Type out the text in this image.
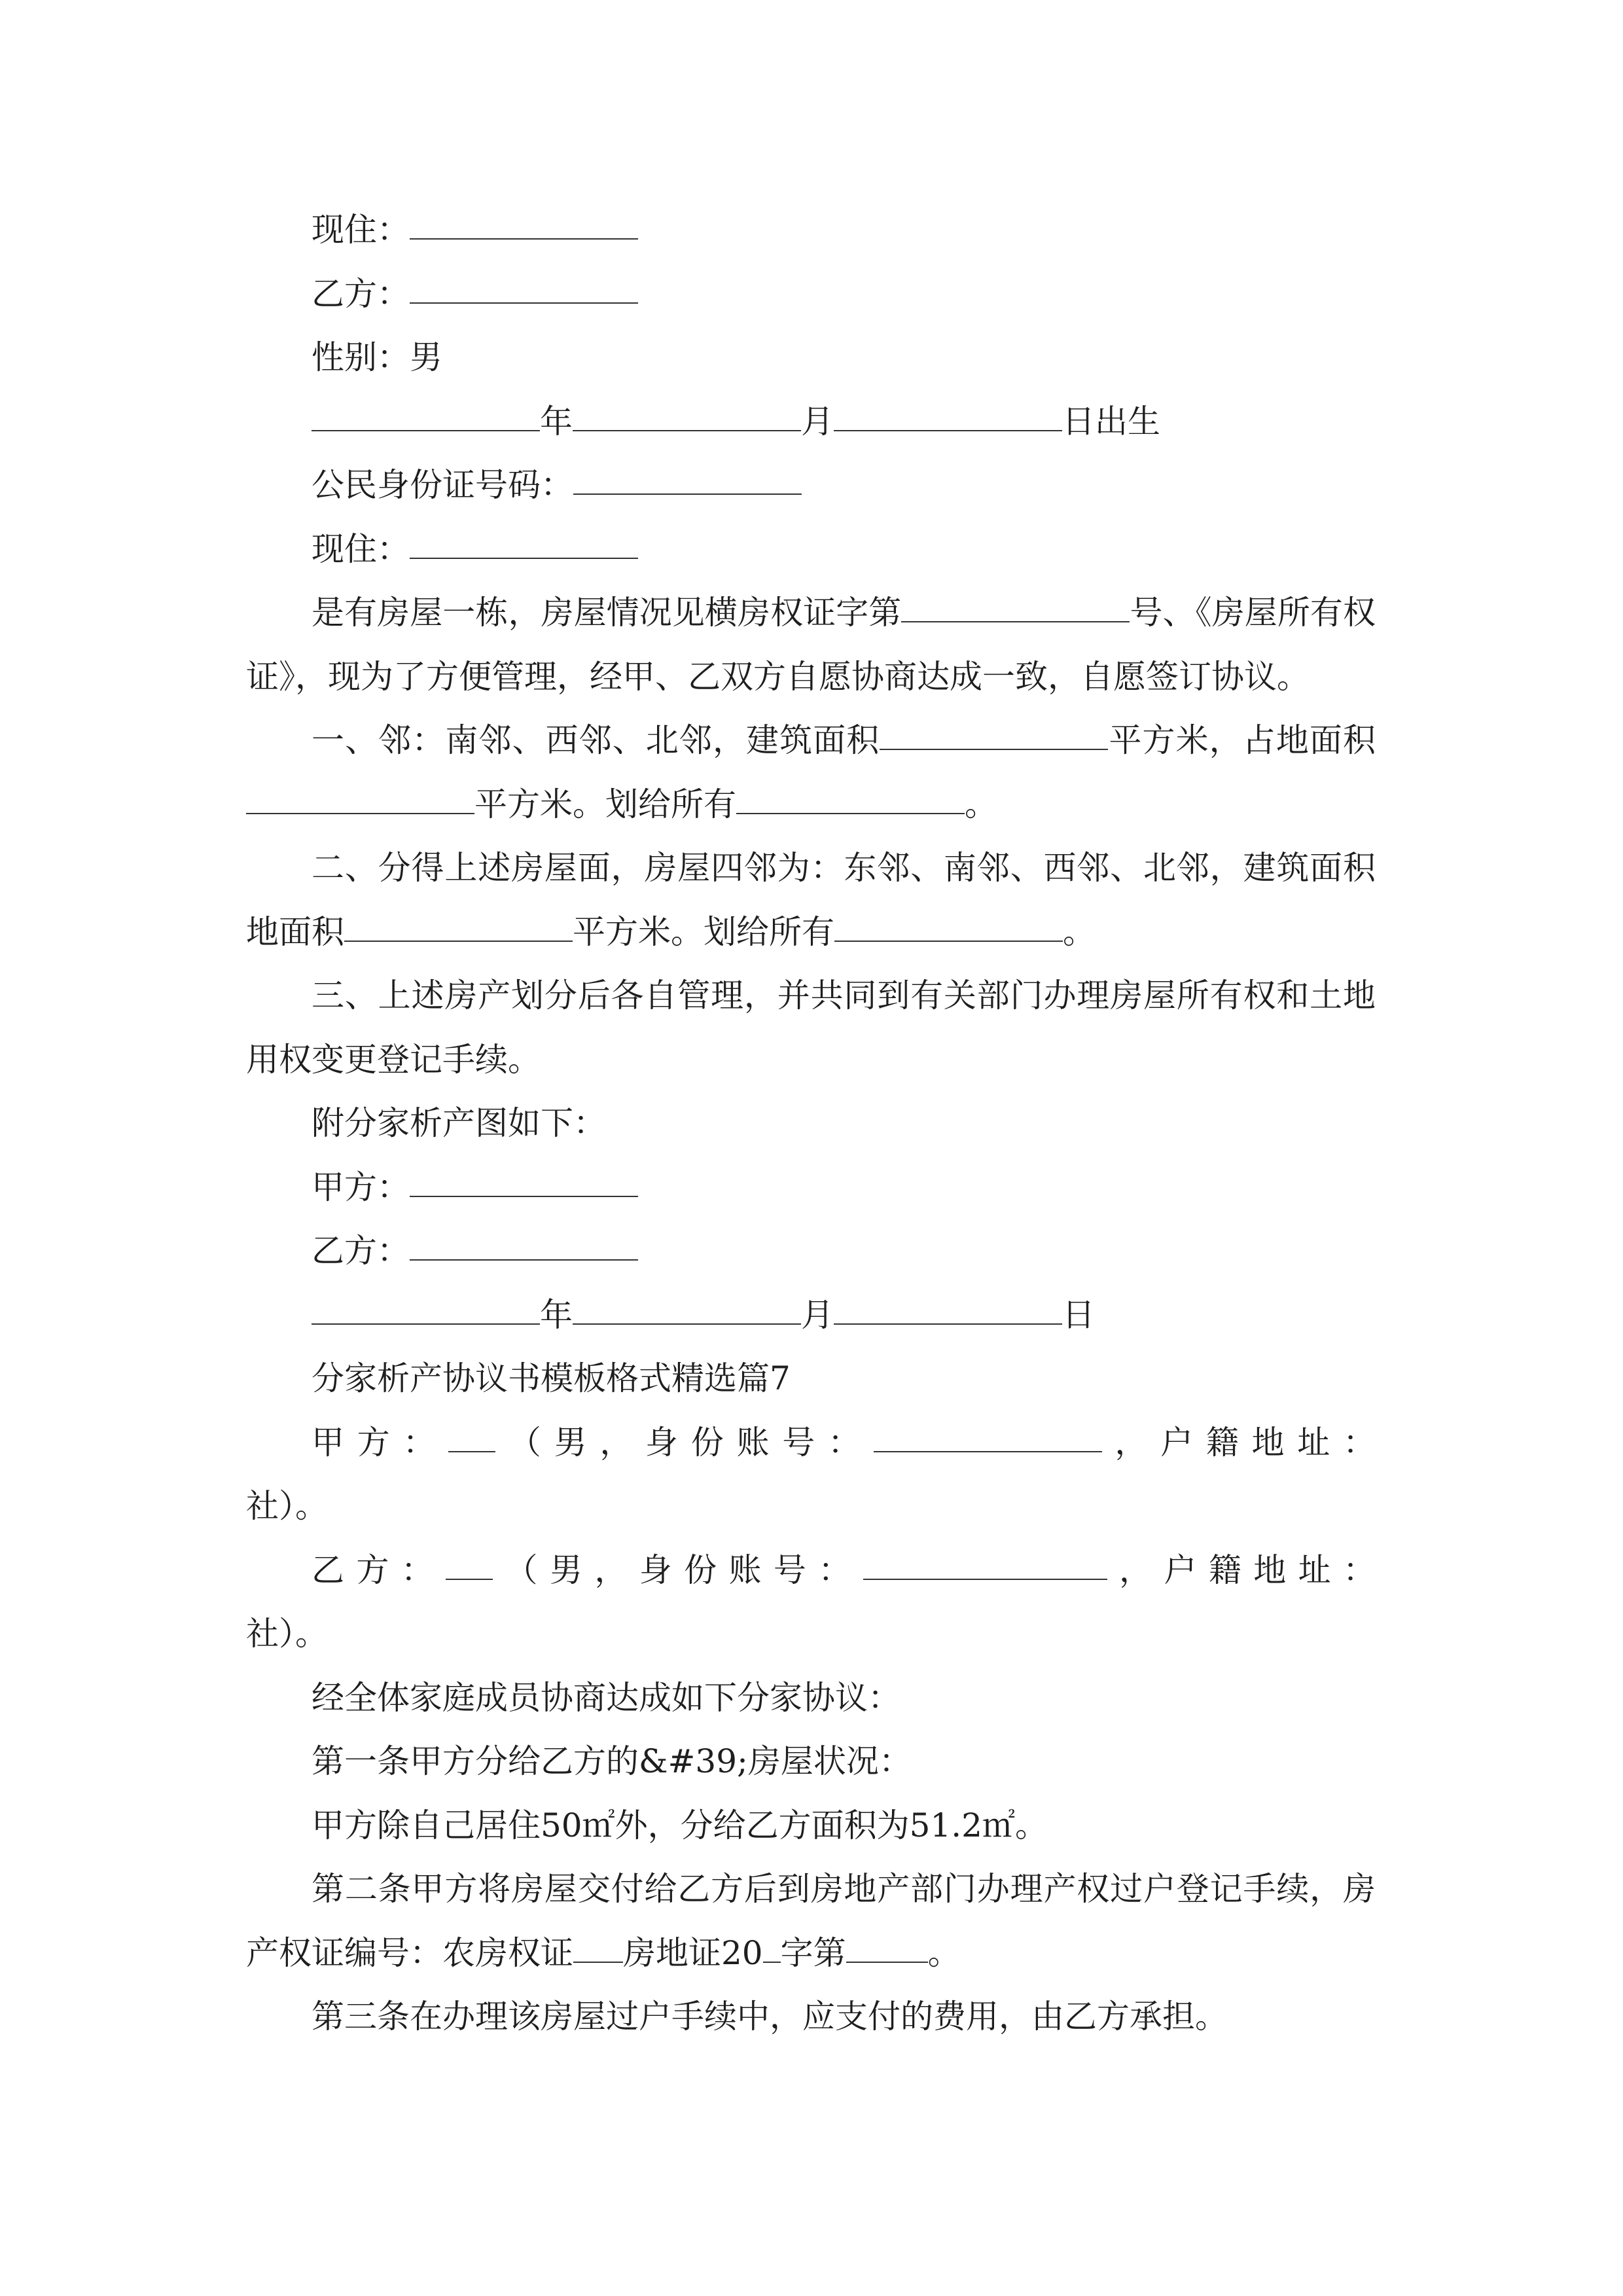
现住：
乙方：
性别：男
年	月	日出生
公民身份证号码：
现住：
是有房屋一栋，房屋情况见横房权证字第	号、《房屋所有权
证》，现为了方便管理，经甲、乙双方自愿协商达成一致，自愿签订协议。
一、邻：南邻、西邻、北邻，建筑面积	平方米，占地面积
平方米。划给所有	。
二、分得上述房屋面，房屋四邻为：东邻、南邻、西邻、北邻，建筑面积
地面积	平方米。划给所有	。
三、上述房产划分后各自管理，并共同到有关部门办理房屋所有权和土地
用权变更登记手续。
附分家析产图如下：
甲方：
乙方：
年	月	日
分家析产协议书模板格式精选篇7
甲方： （男，身份账号：	，户籍地址：
社）。
乙方： （男，身份账号：	，户籍地址：
社）。
经全体家庭成员协商达成如下分家协议：
第一条甲方分给乙方的&#39;房屋状况：
甲方除自己居住50㎡外，分给乙方面积为51.2㎡。
第二条甲方将房屋交付给乙方后到房地产部门办理产权过户登记手续，房
产权证编号：农房权证 房地证20 字第	。
第三条在办理该房屋过户手续中，应支付的费用，由乙方承担。
